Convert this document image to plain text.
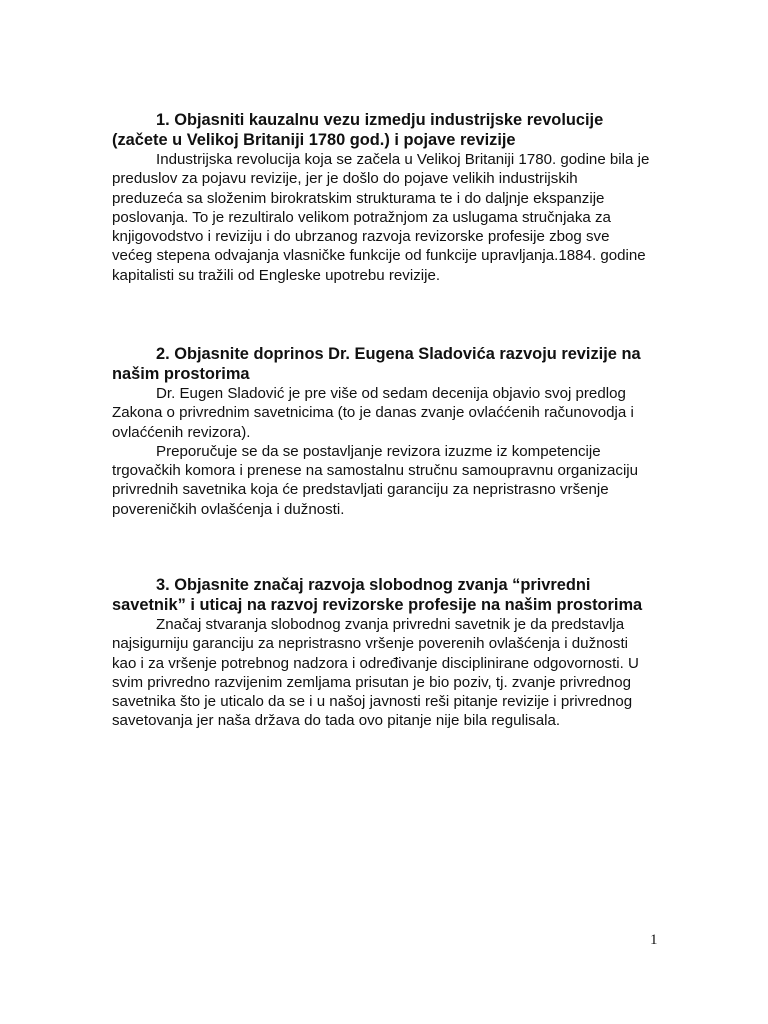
1. Objasniti kauzalnu vezu izmedju industrijske revolucije (začete u Velikoj Britaniji 1780 god.) i pojave revizije

Industrijska revolucija koja se začela u Velikoj Britaniji 1780. godine bila je preduslov za pojavu revizije, jer je došlo do pojave velikih industrijskih preduzeća sa složenim birokratskim strukturama te i do daljnje ekspanzije poslovanja. To je rezultiralo velikom potražnjom za uslugama stručnjaka za knjigovodstvo i reviziju i do ubrzanog razvoja revizorske profesije zbog sve većeg stepena odvajanja vlasničke funkcije od funkcije upravljanja.1884. godine kapitalisti su tražili od Engleske upotrebu revizije.

2. Objasnite doprinos Dr. Eugena Sladovića razvoju revizije na našim prostorima

Dr. Eugen Sladović je pre više od sedam decenija objavio svoj predlog Zakona o privrednim savetnicima (to je danas zvanje ovlaććenih računovodja i ovlaććenih revizora).

Preporučuje se da se postavljanje revizora izuzme iz kompetencije trgovačkih komora i prenese na samostalnu stručnu samoupravnu organizaciju privrednih savetnika koja će predstavljati garanciju za nepristrasno vršenje povereničkih ovlašćenja i dužnosti.

3. Objasnite značaj razvoja slobodnog zvanja “privredni savetnik” i uticaj na razvoj revizorske profesije na našim prostorima

Značaj stvaranja slobodnog zvanja privredni savetnik je da predstavlja najsigurniju garanciju za nepristrasno vršenje poverenih ovlašćenja i dužnosti kao i za vršenje potrebnog nadzora i određivanje disciplinirane odgovornosti. U svim privredno razvijenim zemljama prisutan je bio poziv, tj. zvanje privrednog savetnika što je uticalo da se i u našoj javnosti reši pitanje revizije i privrednog savetovanja jer naša država do tada ovo pitanje nije bila regulisala.

1
